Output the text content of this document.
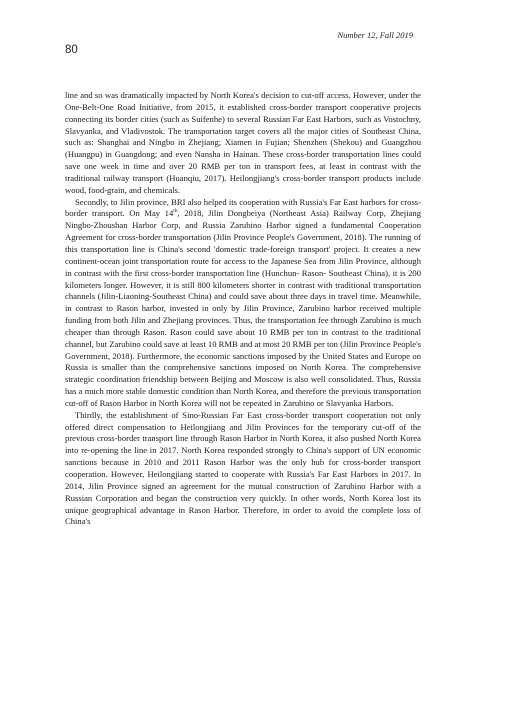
Number 12, Fall 2019
80

line and so was dramatically impacted by North Korea's decision to cut-off access. However, under the One-Belt-One Road Initiative, from 2015, it established cross-border transport cooperative projects connecting its border cities (such as Suifenhe) to several Russian Far East Harbors, such as Vostochny, Slavyanka, and Vladivostok. The transportation target covers all the major cities of Southeast China, such as: Shanghai and Ningbo in Zhejiang; Xiamen in Fujian; Shenzhen (Shekou) and Guangzhou (Huangpu) in Guangdong; and even Nansha in Hainan. These cross-border transportation lines could save one week in time and over 20 RMB per ton in transport fees, at least in contrast with the traditional railway transport (Huanqiu, 2017). Heilongjiang's cross-border transport products include wood, food-grain, and chemicals.

Secondly, to Jilin province, BRI also helped its cooperation with Russia's Far East harbors for cross-border transport. On May 14th, 2018, Jilin Dongbeiya (Northeast Asia) Railway Corp, Zhejiang Ningbo-Zhoushan Harbor Corp, and Russia Zarubino Harbor signed a fundamental Cooperation Agreement for cross-border transportation (Jilin Province People's Government, 2018). The running of this transportation line is China's second 'domestic trade-foreign transport' project. It creates a new continent-ocean joint transportation route for access to the Japanese Sea from Jilin Province, although in contrast with the first cross-border transportation line (Hunchun- Rason- Southeast China), it is 200 kilometers longer. However, it is still 800 kilometers shorter in contrast with traditional transportation channels (Jilin-Liaoning-Southeast China) and could save about three days in travel time. Meanwhile, in contrast to Rason harbor, invested in only by Jilin Province, Zarubino harbor received multiple funding from both Jilin and Zhejiang provinces. Thus, the transportation fee through Zarubino is much cheaper than through Rason. Rason could save about 10 RMB per ton in contrast to the traditional channel, but Zarubino could save at least 10 RMB and at most 20 RMB per ton (Jilin Province People's Government, 2018). Furthermore, the economic sanctions imposed by the United States and Europe on Russia is smaller than the comprehensive sanctions imposed on North Korea. The comprehensive strategic coordination friendship between Beijing and Moscow is also well consolidated. Thus, Russia has a much more stable domestic condition than North Korea, and therefore the previous transportation cut-off of Rason Harbor in North Korea will not be repeated in Zarubino or Slavyanka Harbors.

Thirdly, the establishment of Sino-Russian Far East cross-border transport cooperation not only offered direct compensation to Heilongjiang and Jilin Provinces for the temporary cut-off of the previous cross-border transport line through Rason Harbor in North Korea, it also pushed North Korea into re-opening the line in 2017. North Korea responded strongly to China's support of UN economic sanctions because in 2010 and 2011 Rason Harbor was the only hub for cross-border transport cooperation. However, Heilongjiang started to cooperate with Russia's Far East Harbors in 2017. In 2014, Jilin Province signed an agreement for the mutual construction of Zarubino Harbor with a Russian Corporation and began the construction very quickly. In other words, North Korea lost its unique geographical advantage in Rason Harbor. Therefore, in order to avoid the complete loss of China's
